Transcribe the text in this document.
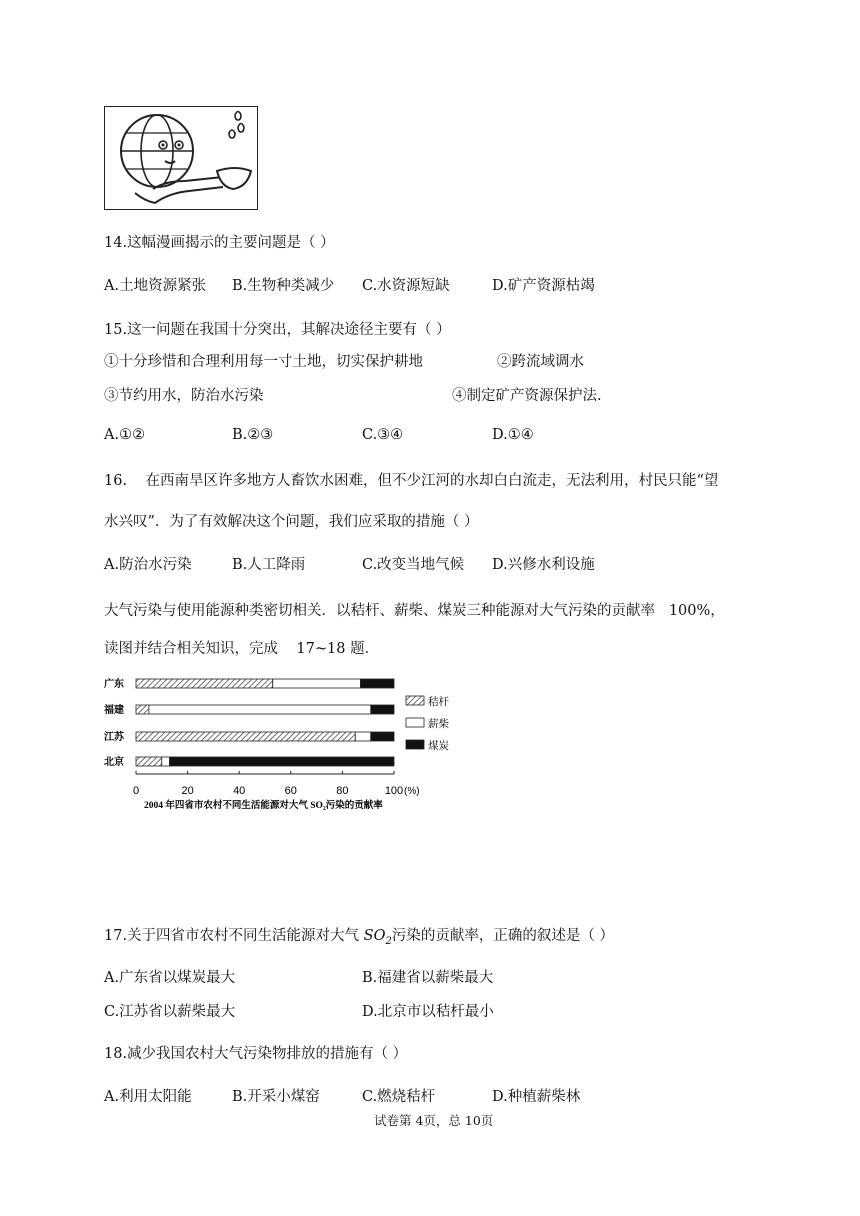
14.这幅漫画揭示的主要问题是（ ）
A.土地资源紧张 B.生物种类减少 C.水资源短缺	D.矿产资源枯竭
15.这一问题在我国十分突出，其解决途径主要有（ ）
①十分珍惜和合理利用每一寸土地，切实保护耕地	②跨流域调水
③节约用水，防治水污染	④制定矿产资源保护法.
A.①②	B.②③	C.③④	D.①④
16.    在西南旱区许多地方人畜饮水困难，但不少江河的水却白白流走，无法利用，村民只能“望
水兴叹”．为了有效解决这个问题，我们应采取的措施（ ）
A.防治水污染	B.人工降雨	C.改变当地气候 D.兴修水利设施
大气污染与使用能源种类密切相关．以秸杆、薪柴、煤炭三种能源对大气污染的贡献率   100%，
读图并结合相关知识，完成    17~18 题．
广东
福建
江苏
北京
0	20	40	60	80	100 (%)
秸杆
薪柴
煤炭
2004 年四省市农村不同生活能源对大气 SO₂污染的贡献率
17.关于四省市农村不同生活能源对大气 $SO_2$污染的贡献率，正确的叙述是（ ）
A.广东省以煤炭最大	B.福建省以薪柴最大
C.江苏省以薪柴最大	D.北京市以秸杆最小
18.减少我国农村大气污染物排放的措施有（ ）
A.利用太阳能	B.开采小煤窑	C.燃烧秸杆	D.种植薪柴林
试卷第 4页，总 10页
